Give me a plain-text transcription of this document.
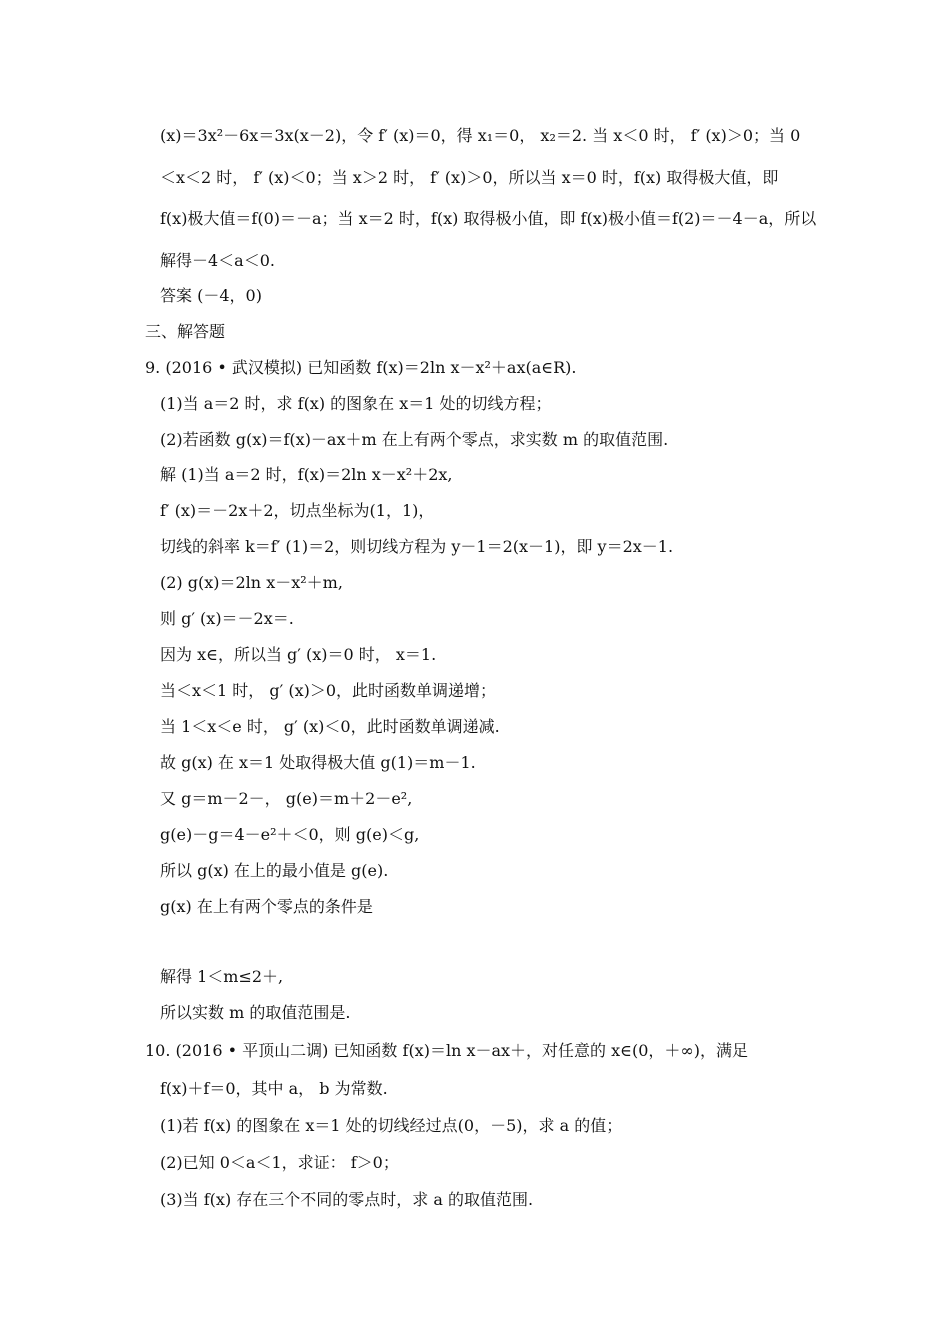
(x)＝3x²－6x＝3x(x－2)，令 f′ (x)＝0，得 x₁＝0， x₂＝2. 当 x＜0 时， f′ (x)＞0；当 0
＜x＜2 时， f′ (x)＜0；当 x＞2 时， f′ (x)＞0，所以当 x＝0 时，f(x) 取得极大值，即
f(x)极大值＝f(0)＝－a；当 x＝2 时，f(x) 取得极小值，即 f(x)极小值＝f(2)＝－4－a，所以
解得－4＜a＜0.
答案 (－4，0)
三、解答题
9. (2016 • 武汉模拟) 已知函数 f(x)＝2ln x－x²＋ax(a∈R).
(1)当 a＝2 时，求 f(x) 的图象在 x＝1 处的切线方程；
(2)若函数 g(x)＝f(x)－ax＋m 在上有两个零点，求实数 m 的取值范围.
解 (1)当 a＝2 时，f(x)＝2ln x－x²＋2x,
f′ (x)＝－2x＋2，切点坐标为(1，1)，
切线的斜率 k＝f′ (1)＝2，则切线方程为 y－1＝2(x－1)，即 y＝2x－1.
(2) g(x)＝2ln x－x²＋m,
则 g′ (x)＝－2x＝.
因为 x∈，所以当 g′ (x)＝0 时， x＝1.
当＜x＜1 时， g′ (x)＞0，此时函数单调递增；
当 1＜x＜e 时， g′ (x)＜0，此时函数单调递减.
故 g(x) 在 x＝1 处取得极大值 g(1)＝m－1.
又 g＝m－2－， g(e)＝m＋2－e²,
g(e)－g＝4－e²＋＜0，则 g(e)＜g,
所以 g(x) 在上的最小值是 g(e).
g(x) 在上有两个零点的条件是
解得 1＜m≤2＋,
所以实数 m 的取值范围是.
10. (2016 • 平顶山二调) 已知函数 f(x)＝ln x－ax＋，对任意的 x∈(0，＋∞)，满足
f(x)＋f＝0，其中 a， b 为常数.
(1)若 f(x) 的图象在 x＝1 处的切线经过点(0，－5)，求 a 的值；
(2)已知 0＜a＜1，求证： f＞0；
(3)当 f(x) 存在三个不同的零点时，求 a 的取值范围.
